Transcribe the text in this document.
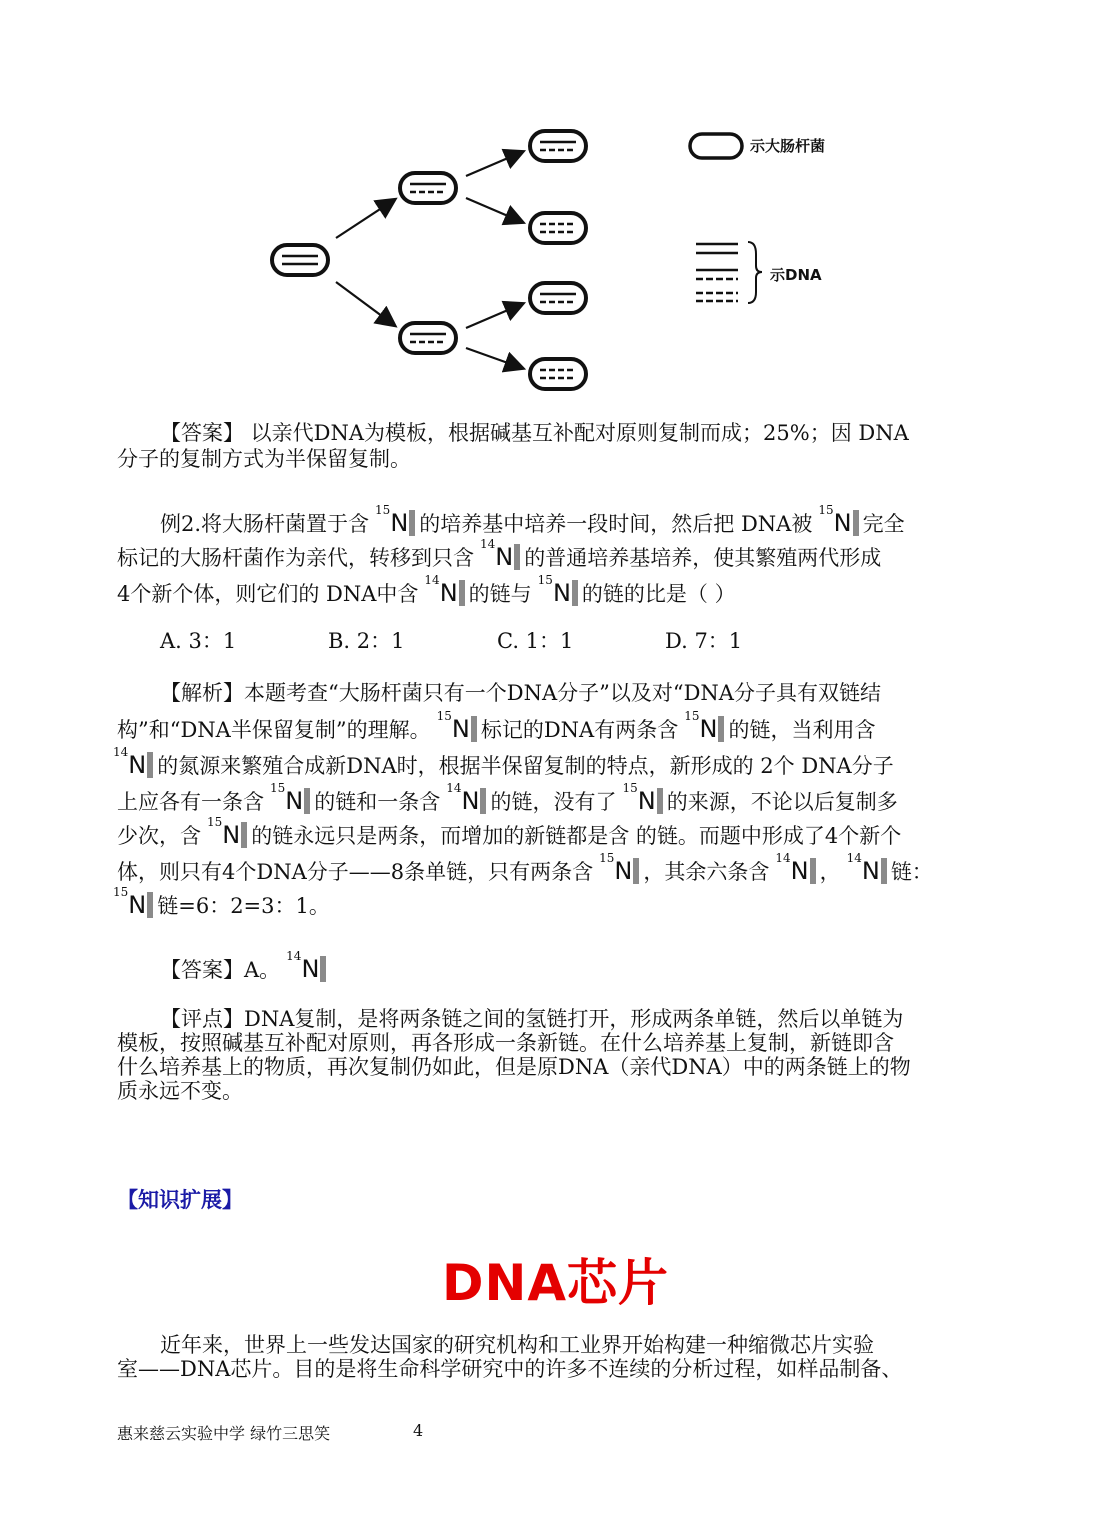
示大肠杆菌
示DNA
【答案】 以亲代DNA为模板，根据碱基互补配对原则复制而成；25%；因 DNA
分子的复制方式为半保留复制。
例2.将大肠杆菌置于含$^{15}$N 的培养基中培养一段时间，然后把 DNA被$^{15}$N 完全
标记的大肠杆菌作为亲代，转移到只含$^{14}$N 的普通培养基培养，使其繁殖两代形成
4个新个体，则它们的 DNA中含$^{14}$N 的链与$^{15}$N 的链的比是（ ）
A. 3：1	B. 2：1	C. 1：1	D. 7：1
【解析】本题考查“大肠杆菌只有一个DNA分子”以及对“DNA分子具有双链结
构”和“DNA半保留复制”的理解。$^{15}$N 标记的DNA有两条含$^{15}$N 的链，当利用含
$^{14}$N 的氮源来繁殖合成新DNA时，根据半保留复制的特点，新形成的 2个 DNA分子
上应各有一条含$^{15}$N 的链和一条含$^{14}$N 的链，没有了$^{15}$N 的来源，不论以后复制多
少次，含$^{15}$N 的链永远只是两条，而增加的新链都是含 的链。而题中形成了4个新个
体，则只有4个DNA分子——8条单链，只有两条含$^{15}$N ，其余六条含$^{14}$N ，$^{14}$N 链：
$^{15}$N 链=6：2=3：1。
【答案】A。$^{14}$N
【评点】DNA复制，是将两条链之间的氢链打开，形成两条单链，然后以单链为
模板，按照碱基互补配对原则，再各形成一条新链。在什么培养基上复制，新链即含
什么培养基上的物质，再次复制仍如此，但是原DNA（亲代DNA）中的两条链上的物
质永远不变。
【知识扩展】
DNA芯片
近年来，世界上一些发达国家的研究机构和工业界开始构建一种缩微芯片实验
室——DNA芯片。目的是将生命科学研究中的许多不连续的分析过程，如样品制备、
惠来慈云实验中学 绿竹三思笑	4
